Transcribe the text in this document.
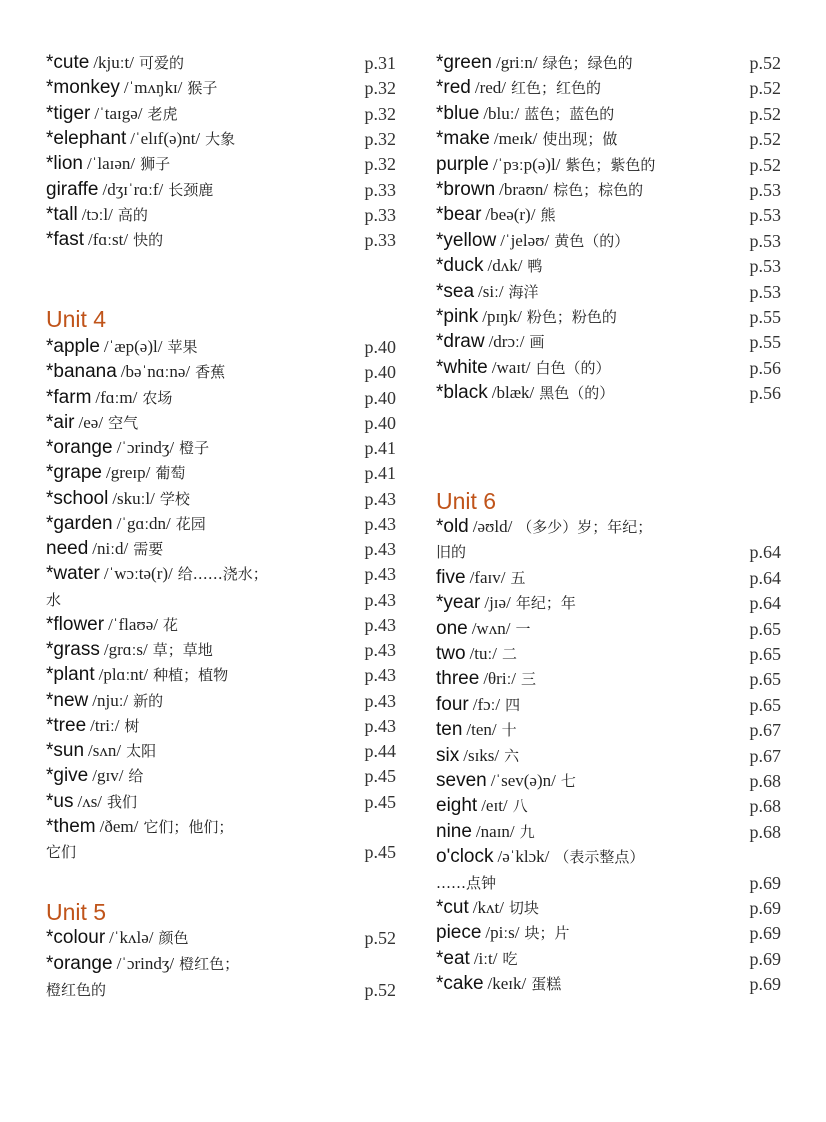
*cute /kjuːt/ 可爱的	p.31
*monkey /ˈmʌŋkɪ/ 猴子	p.32
*tiger /ˈtaɪgə/ 老虎	p.32
*elephant /ˈelɪf(ə)nt/ 大象	p.32
*lion /ˈlaɪən/ 狮子	p.32
giraffe /dʒɪˈrɑːf/ 长颈鹿	p.33
*tall /tɔːl/ 高的	p.33
*fast /fɑːst/ 快的	p.33
Unit 4
*apple /ˈæp(ə)l/ 苹果	p.40
*banana /bəˈnɑːnə/ 香蕉	p.40
*farm /fɑːm/ 农场	p.40
*air /eə/ 空气	p.40
*orange /ˈɔrindʒ/ 橙子	p.41
*grape /greɪp/ 葡萄	p.41
*school /skuːl/ 学校	p.43
*garden /ˈgɑːdn/ 花园	p.43
need /niːd/ 需要	p.43
*water /ˈwɔːtə(r)/ 给……浇水；	p.43
水	p.43
*flower /ˈflaʊə/ 花	p.43
*grass /grɑːs/ 草；草地	p.43
*plant /plɑːnt/ 种植；植物	p.43
*new /njuː/ 新的	p.43
*tree /triː/ 树	p.43
*sun /sʌn/ 太阳	p.44
*give /gɪv/ 给	p.45
*us /ʌs/ 我们	p.45
*them /ðem/ 它们；他们；
它们	p.45
Unit 5
*colour /ˈkʌlə/ 颜色	p.52
*orange /ˈɔrindʒ/ 橙红色；
橙红色的	p.52
*green /griːn/ 绿色；绿色的	p.52
*red /red/ 红色；红色的	p.52
*blue /bluː/ 蓝色；蓝色的	p.52
*make /meɪk/ 使出现；做	p.52
purple /ˈpɜːp(ə)l/ 紫色；紫色的	p.52
*brown /braʊn/ 棕色；棕色的	p.53
*bear /beə(r)/ 熊	p.53
*yellow /ˈjeləʊ/ 黄色（的）	p.53
*duck /dʌk/ 鸭	p.53
*sea /siː/ 海洋	p.53
*pink /pɪŋk/ 粉色；粉色的	p.55
*draw /drɔː/ 画	p.55
*white /waɪt/ 白色（的）	p.56
*black /blæk/ 黑色（的）	p.56
Unit 6
*old /əʊld/ （多少）岁；年纪；
旧的	p.64
five /faɪv/ 五	p.64
*year /jɪə/ 年纪；年	p.64
one /wʌn/ 一	p.65
two /tuː/ 二	p.65
three /θriː/ 三	p.65
four /fɔː/ 四	p.65
ten /ten/ 十	p.67
six /sɪks/ 六	p.67
seven /ˈsev(ə)n/ 七	p.68
eight /eɪt/ 八	p.68
nine /naɪn/ 九	p.68
o'clock /əˈklɔk/ （表示整点）
……点钟	p.69
*cut /kʌt/ 切块	p.69
piece /piːs/ 块；片	p.69
*eat /iːt/ 吃	p.69
*cake /keɪk/ 蛋糕	p.69
